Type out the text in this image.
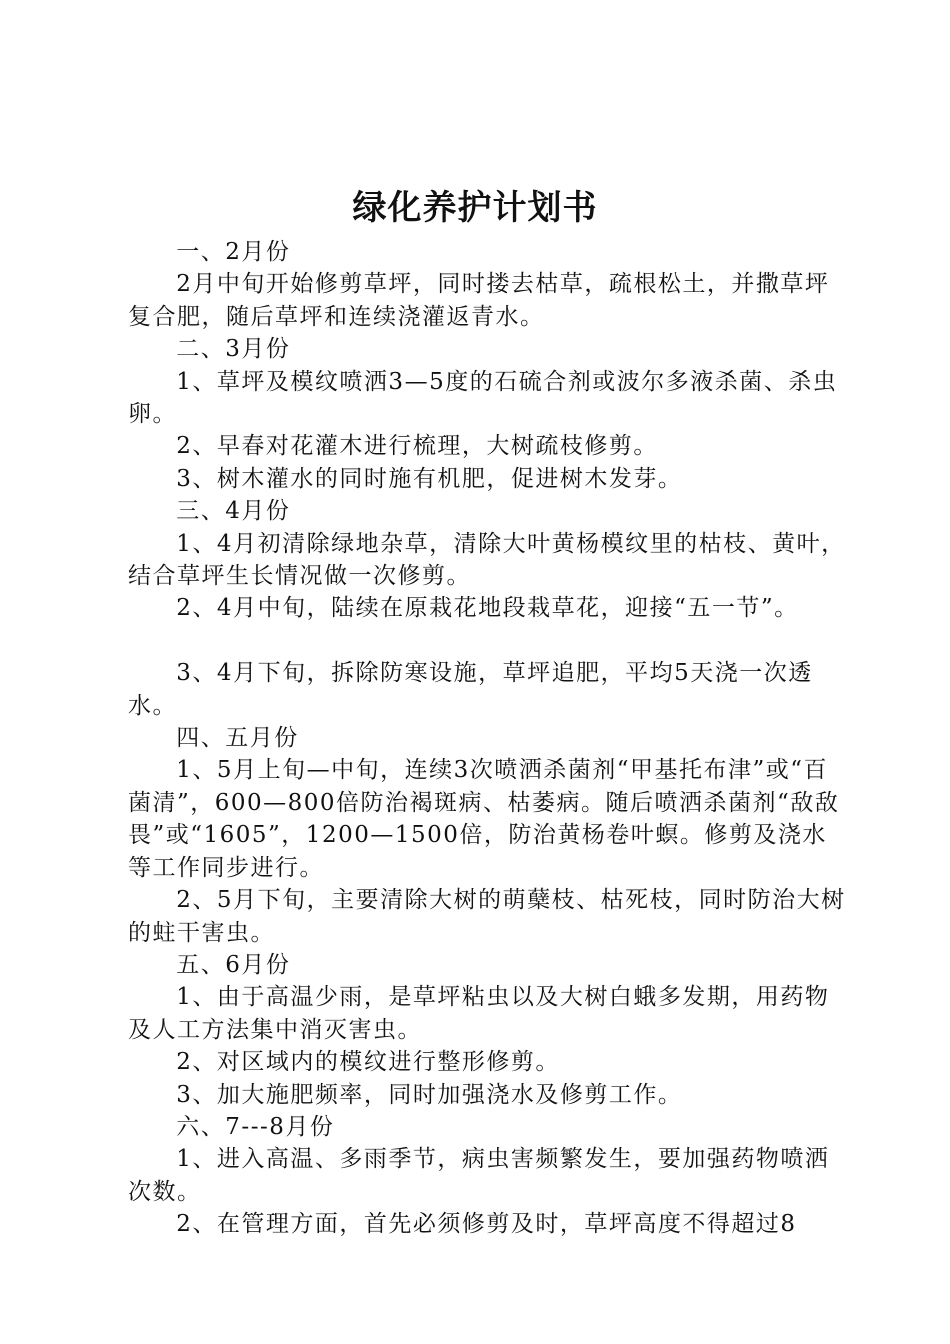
绿化养护计划书

一、2月份

2月中旬开始修剪草坪，同时搂去枯草，疏根松土，并撒草坪复合肥，随后草坪和连续浇灌返青水。

二、3月份

1、草坪及模纹喷洒3—5度的石硫合剂或波尔多液杀菌、杀虫卵。

2、早春对花灌木进行梳理，大树疏枝修剪。

3、树木灌水的同时施有机肥，促进树木发芽。

三、4月份

1、4月初清除绿地杂草，清除大叶黄杨模纹里的枯枝、黄叶，结合草坪生长情况做一次修剪。

2、4月中旬，陆续在原栽花地段栽草花，迎接“五一节”。

3、4月下旬，拆除防寒设施，草坪追肥，平均5天浇一次透水。

四、五月份

1、5月上旬—中旬，连续3次喷洒杀菌剂“甲基托布津”或“百菌清”，600—800倍防治褐斑病、枯萎病。随后喷洒杀菌剂“敌敌畏”或“1605”，1200—1500倍，防治黄杨卷叶螟。修剪及浇水等工作同步进行。

2、5月下旬，主要清除大树的萌蘖枝、枯死枝，同时防治大树的蛀干害虫。

五、6月份

1、由于高温少雨，是草坪粘虫以及大树白蛾多发期，用药物及人工方法集中消灭害虫。

2、对区域内的模纹进行整形修剪。

3、加大施肥频率，同时加强浇水及修剪工作。

六、7---8月份

1、进入高温、多雨季节，病虫害频繁发生，要加强药物喷洒次数。

2、在管理方面，首先必须修剪及时，草坪高度不得超过8
